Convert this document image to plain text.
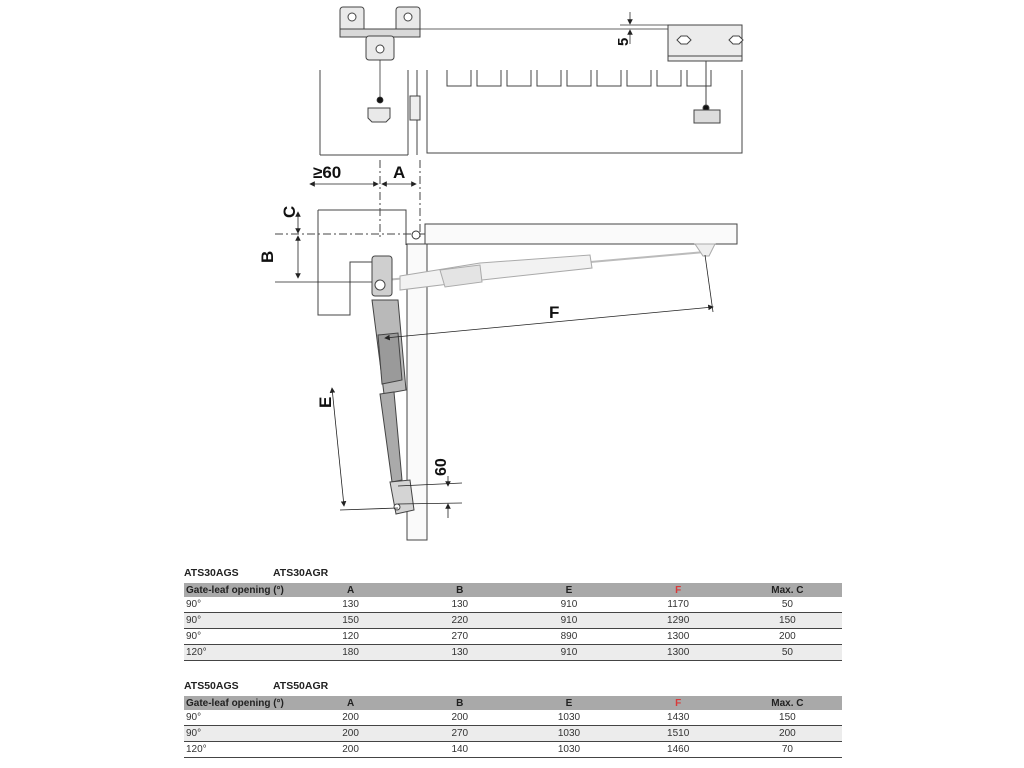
5
≥60	A
C
B
F
E
60
ATS30AGS	ATS30AGR
Gate-leaf opening (°)	A	B	E	F	Max. C
90°	130	130	910	1170	50
90°	150	220	910	1290	150
90°	120	270	890	1300	200
120°	180	130	910	1300	50
ATS50AGS	ATS50AGR
Gate-leaf opening (°)	A	B	E	F	Max. C
90°	200	200	1030	1430	150
90°	200	270	1030	1510	200
120°	200	140	1030	1460	70
